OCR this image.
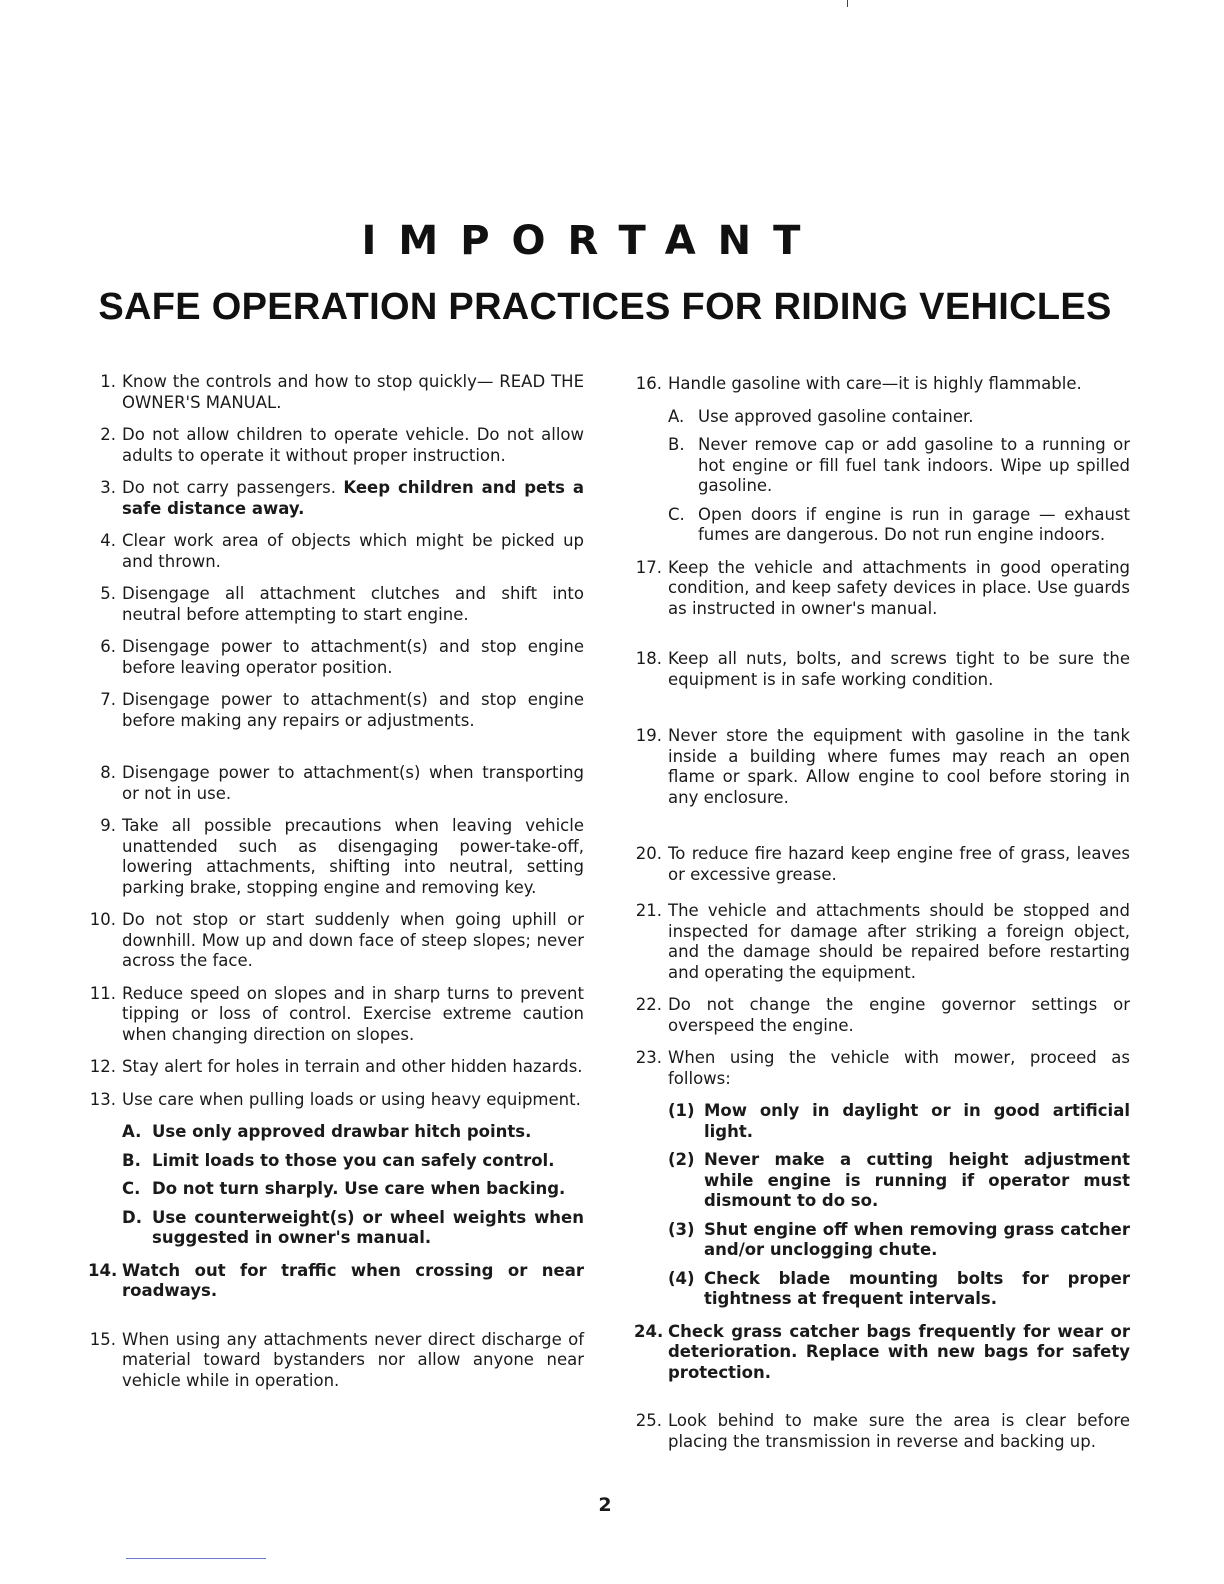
IMPORTANT
SAFE OPERATION PRACTICES FOR RIDING VEHICLES
1. Know the controls and how to stop quickly— READ THE OWNER'S MANUAL.
2. Do not allow children to operate vehicle. Do not allow adults to operate it without proper instruction.
3. Do not carry passengers. Keep children and pets a safe distance away.
4. Clear work area of objects which might be picked up and thrown.
5. Disengage all attachment clutches and shift into neutral before attempting to start engine.
6. Disengage power to attachment(s) and stop engine before leaving operator position.
7. Disengage power to attachment(s) and stop engine before making any repairs or adjustments.
8. Disengage power to attachment(s) when transporting or not in use.
9. Take all possible precautions when leaving vehicle unattended such as disengaging power-take-off, lowering attachments, shifting into neutral, setting parking brake, stopping engine and removing key.
10. Do not stop or start suddenly when going uphill or downhill. Mow up and down face of steep slopes; never across the face.
11. Reduce speed on slopes and in sharp turns to prevent tipping or loss of control. Exercise extreme caution when changing direction on slopes.
12. Stay alert for holes in terrain and other hidden hazards.
13. Use care when pulling loads or using heavy equipment.
A. Use only approved drawbar hitch points.
B. Limit loads to those you can safely control.
C. Do not turn sharply. Use care when backing.
D. Use counterweight(s) or wheel weights when suggested in owner's manual.
14. Watch out for traffic when crossing or near roadways.
15. When using any attachments never direct discharge of material toward bystanders nor allow anyone near vehicle while in operation.
16. Handle gasoline with care—it is highly flammable.
A. Use approved gasoline container.
B. Never remove cap or add gasoline to a running or hot engine or fill fuel tank indoors. Wipe up spilled gasoline.
C. Open doors if engine is run in garage — exhaust fumes are dangerous. Do not run engine indoors.
17. Keep the vehicle and attachments in good operating condition, and keep safety devices in place. Use guards as instructed in owner's manual.
18. Keep all nuts, bolts, and screws tight to be sure the equipment is in safe working condition.
19. Never store the equipment with gasoline in the tank inside a building where fumes may reach an open flame or spark. Allow engine to cool before storing in any enclosure.
20. To reduce fire hazard keep engine free of grass, leaves or excessive grease.
21. The vehicle and attachments should be stopped and inspected for damage after striking a foreign object, and the damage should be repaired before restarting and operating the equipment.
22. Do not change the engine governor settings or overspeed the engine.
23. When using the vehicle with mower, proceed as follows:
(1) Mow only in daylight or in good artificial light.
(2) Never make a cutting height adjustment while engine is running if operator must dismount to do so.
(3) Shut engine off when removing grass catcher and/or unclogging chute.
(4) Check blade mounting bolts for proper tightness at frequent intervals.
24. Check grass catcher bags frequently for wear or deterioration. Replace with new bags for safety protection.
25. Look behind to make sure the area is clear before placing the transmission in reverse and backing up.
2
